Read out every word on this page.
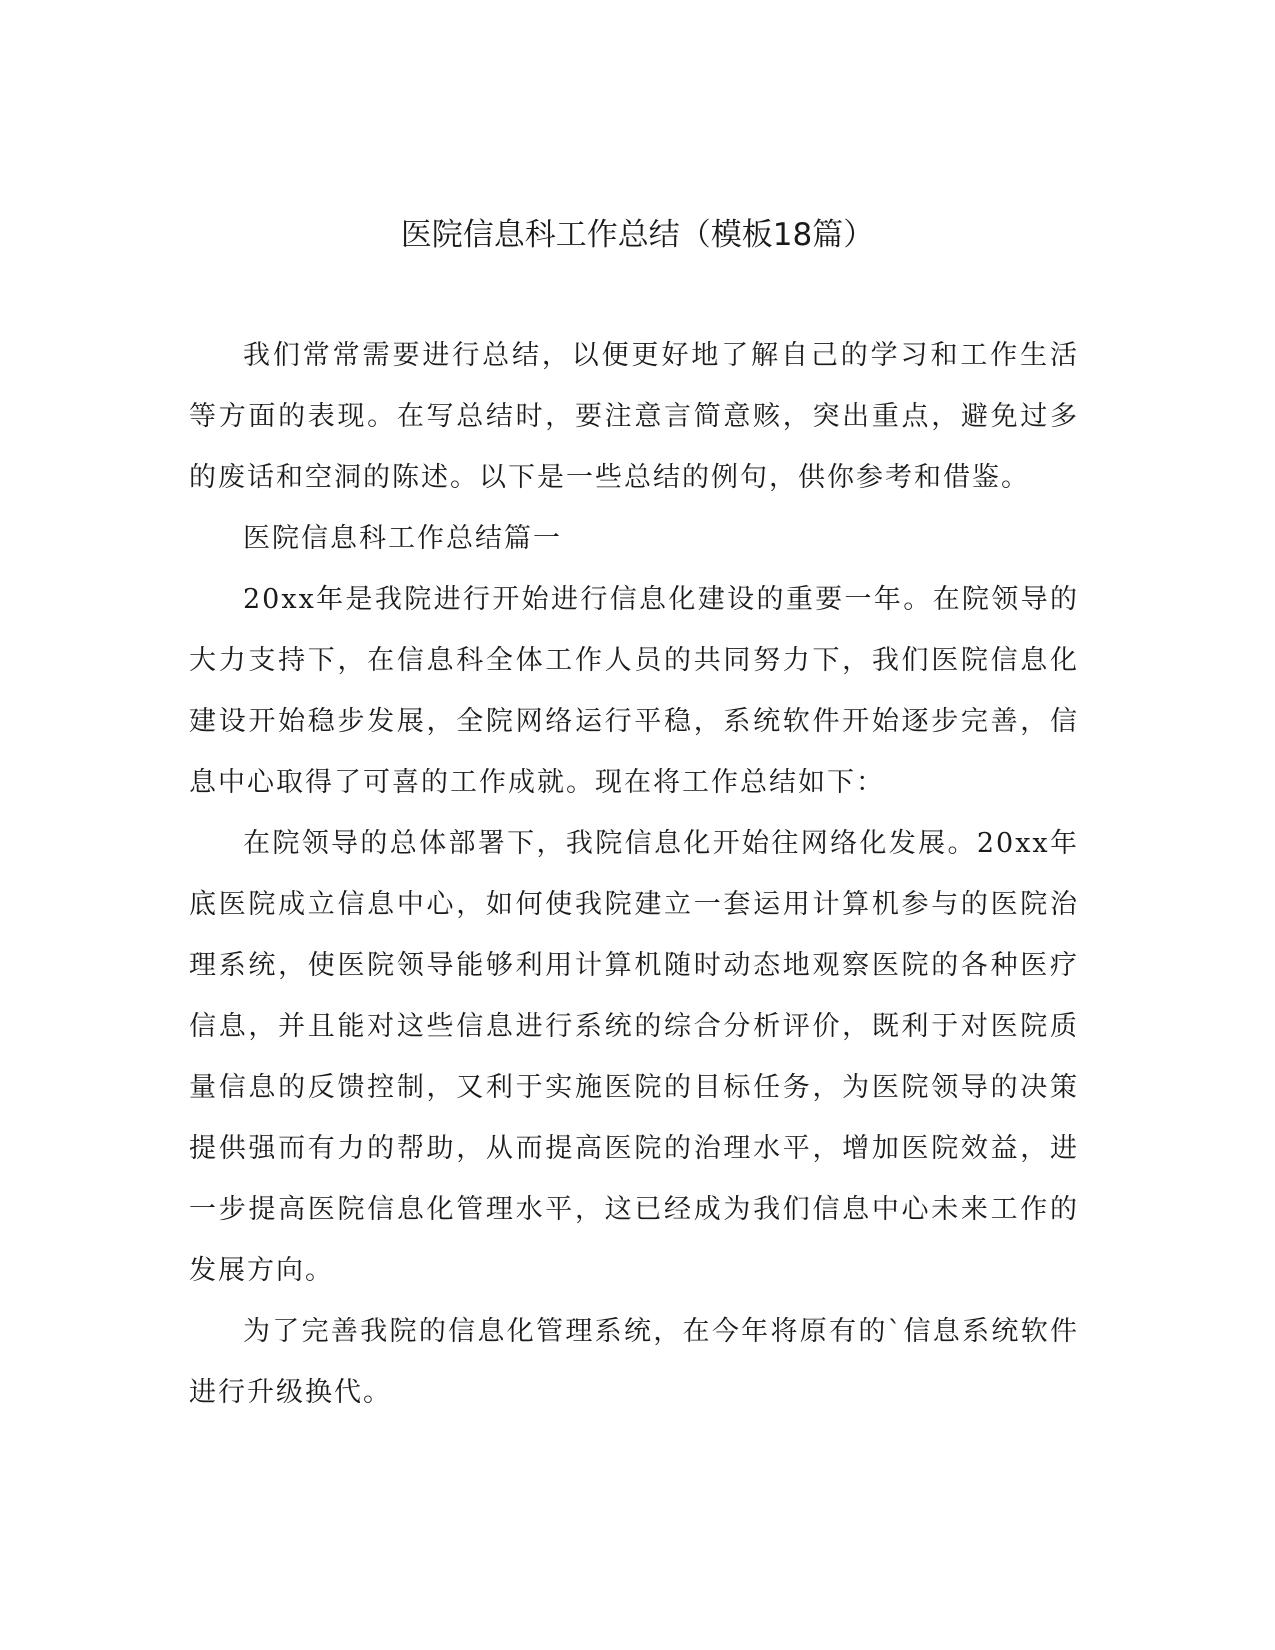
医院信息科工作总结（模板18篇）

我们常常需要进行总结，以便更好地了解自己的学习和工作生活等方面的表现。在写总结时，要注意言简意赅，突出重点，避免过多的废话和空洞的陈述。以下是一些总结的例句，供你参考和借鉴。

医院信息科工作总结篇一

20xx年是我院进行开始进行信息化建设的重要一年。在院领导的大力支持下，在信息科全体工作人员的共同努力下，我们医院信息化建设开始稳步发展，全院网络运行平稳，系统软件开始逐步完善，信息中心取得了可喜的工作成就。现在将工作总结如下：

在院领导的总体部署下，我院信息化开始往网络化发展。20xx年底医院成立信息中心，如何使我院建立一套运用计算机参与的医院治理系统，使医院领导能够利用计算机随时动态地观察医院的各种医疗信息，并且能对这些信息进行系统的综合分析评价，既利于对医院质量信息的反馈控制，又利于实施医院的目标任务，为医院领导的决策提供强而有力的帮助，从而提高医院的治理水平，增加医院效益，进一步提高医院信息化管理水平，这已经成为我们信息中心未来工作的发展方向。

为了完善我院的信息化管理系统，在今年将原有的`信息系统软件进行升级换代。
